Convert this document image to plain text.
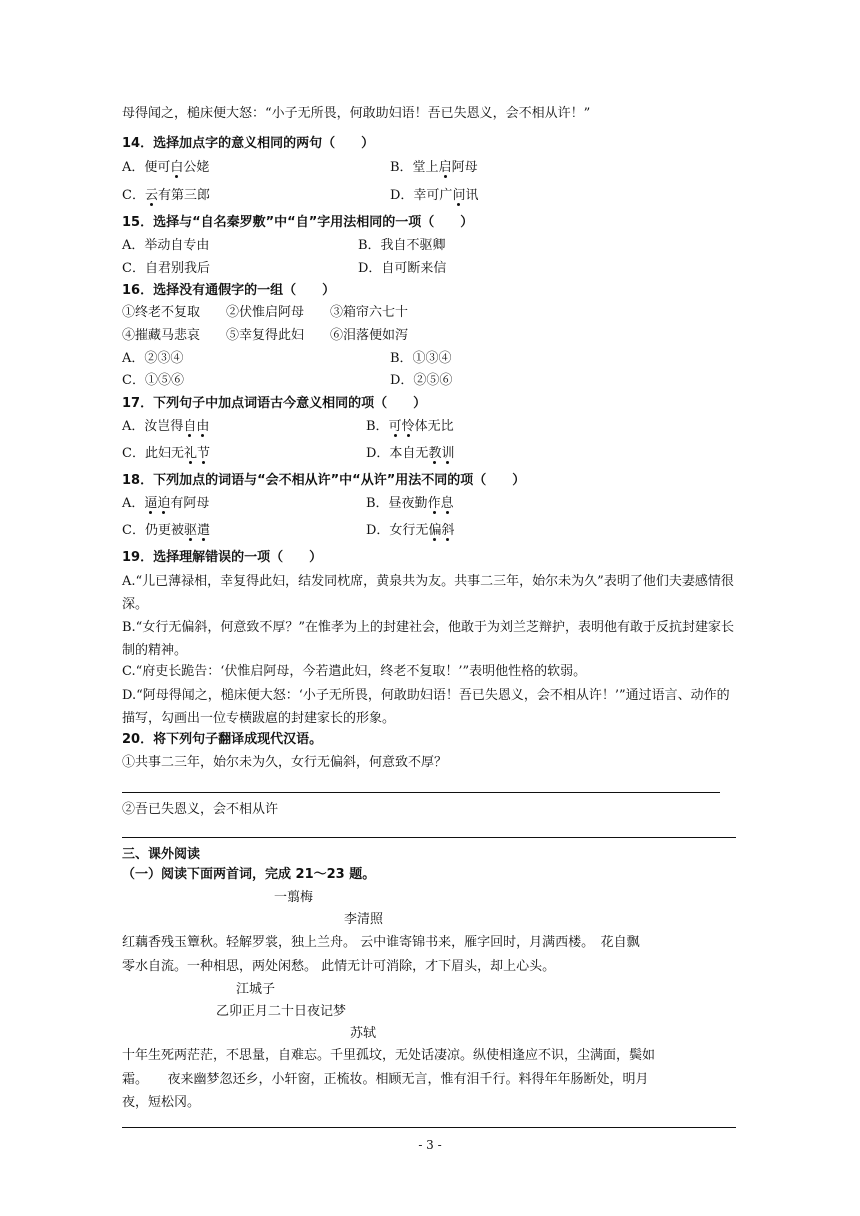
母得闻之，槌床便大怒：“小子无所畏，何敢助妇语！吾已失恩义，会不相从许！”
14．选择加点字的意义相同的两句（　　）
A．便可白公姥	B．堂上启阿母
C．云有第三郎	D．幸可广问讯
15．选择与“自名秦罗敷”中“自”字用法相同的一项（　　）
A．举动自专由	B．我自不驱卿
C．自君别我后	D．自可断来信
16．选择没有通假字的一组（　　）
①终老不复取　　②伏惟启阿母　　③箱帘六七十
④摧藏马悲哀　　⑤幸复得此妇　　⑥泪落便如泻
A．②③④	B．①③④
C．①⑤⑥	D．②⑤⑥
17．下列句子中加点词语古今意义相同的项（　　）
A．汝岂得自由	B．可怜体无比
C．此妇无礼节	D．本自无教训
18．下列加点的词语与“会不相从许”中“从许”用法不同的项（　　）
A．逼迫有阿母	B．昼夜勤作息
C．仍更被驱遣	D．女行无偏斜
19．选择理解错误的一项（　　）
A.“儿已薄禄相，幸复得此妇，结发同枕席，黄泉共为友。共事二三年，始尔未为久”表明了他们夫妻感情很深。
B.“女行无偏斜，何意致不厚？”在惟孝为上的封建社会，他敢于为刘兰芝辩护，表明他有敢于反抗封建家长制的精神。
C.“府吏长跪告：‘伏惟启阿母，今若遣此妇，终老不复取！’”表明他性格的软弱。
D.“阿母得闻之，槌床便大怒：‘小子无所畏，何敢助妇语！吾已失恩义，会不相从许！’”通过语言、动作的描写，勾画出一位专横跋扈的封建家长的形象。
20．将下列句子翻译成现代汉语。
①共事二三年，始尔未为久，女行无偏斜，何意致不厚？
②吾已失恩义，会不相从许
三、课外阅读
（一）阅读下面两首词，完成 21～23 题。
一翦梅
李清照
红藕香残玉簟秋。轻解罗裳，独上兰舟。 云中谁寄锦书来，雁字回时，月满西楼。　花自飘
零水自流。一种相思，两处闲愁。 此情无计可消除，才下眉头，却上心头。
江城子
乙卯正月二十日夜记梦
苏轼
十年生死两茫茫，不思量，自难忘。千里孤坟，无处话凄凉。纵使相逢应不识，尘满面，鬓如
霜。　　夜来幽梦忽还乡，小轩窗，正梳妆。相顾无言，惟有泪千行。料得年年肠断处，明月
夜，短松冈。
- 3 -
